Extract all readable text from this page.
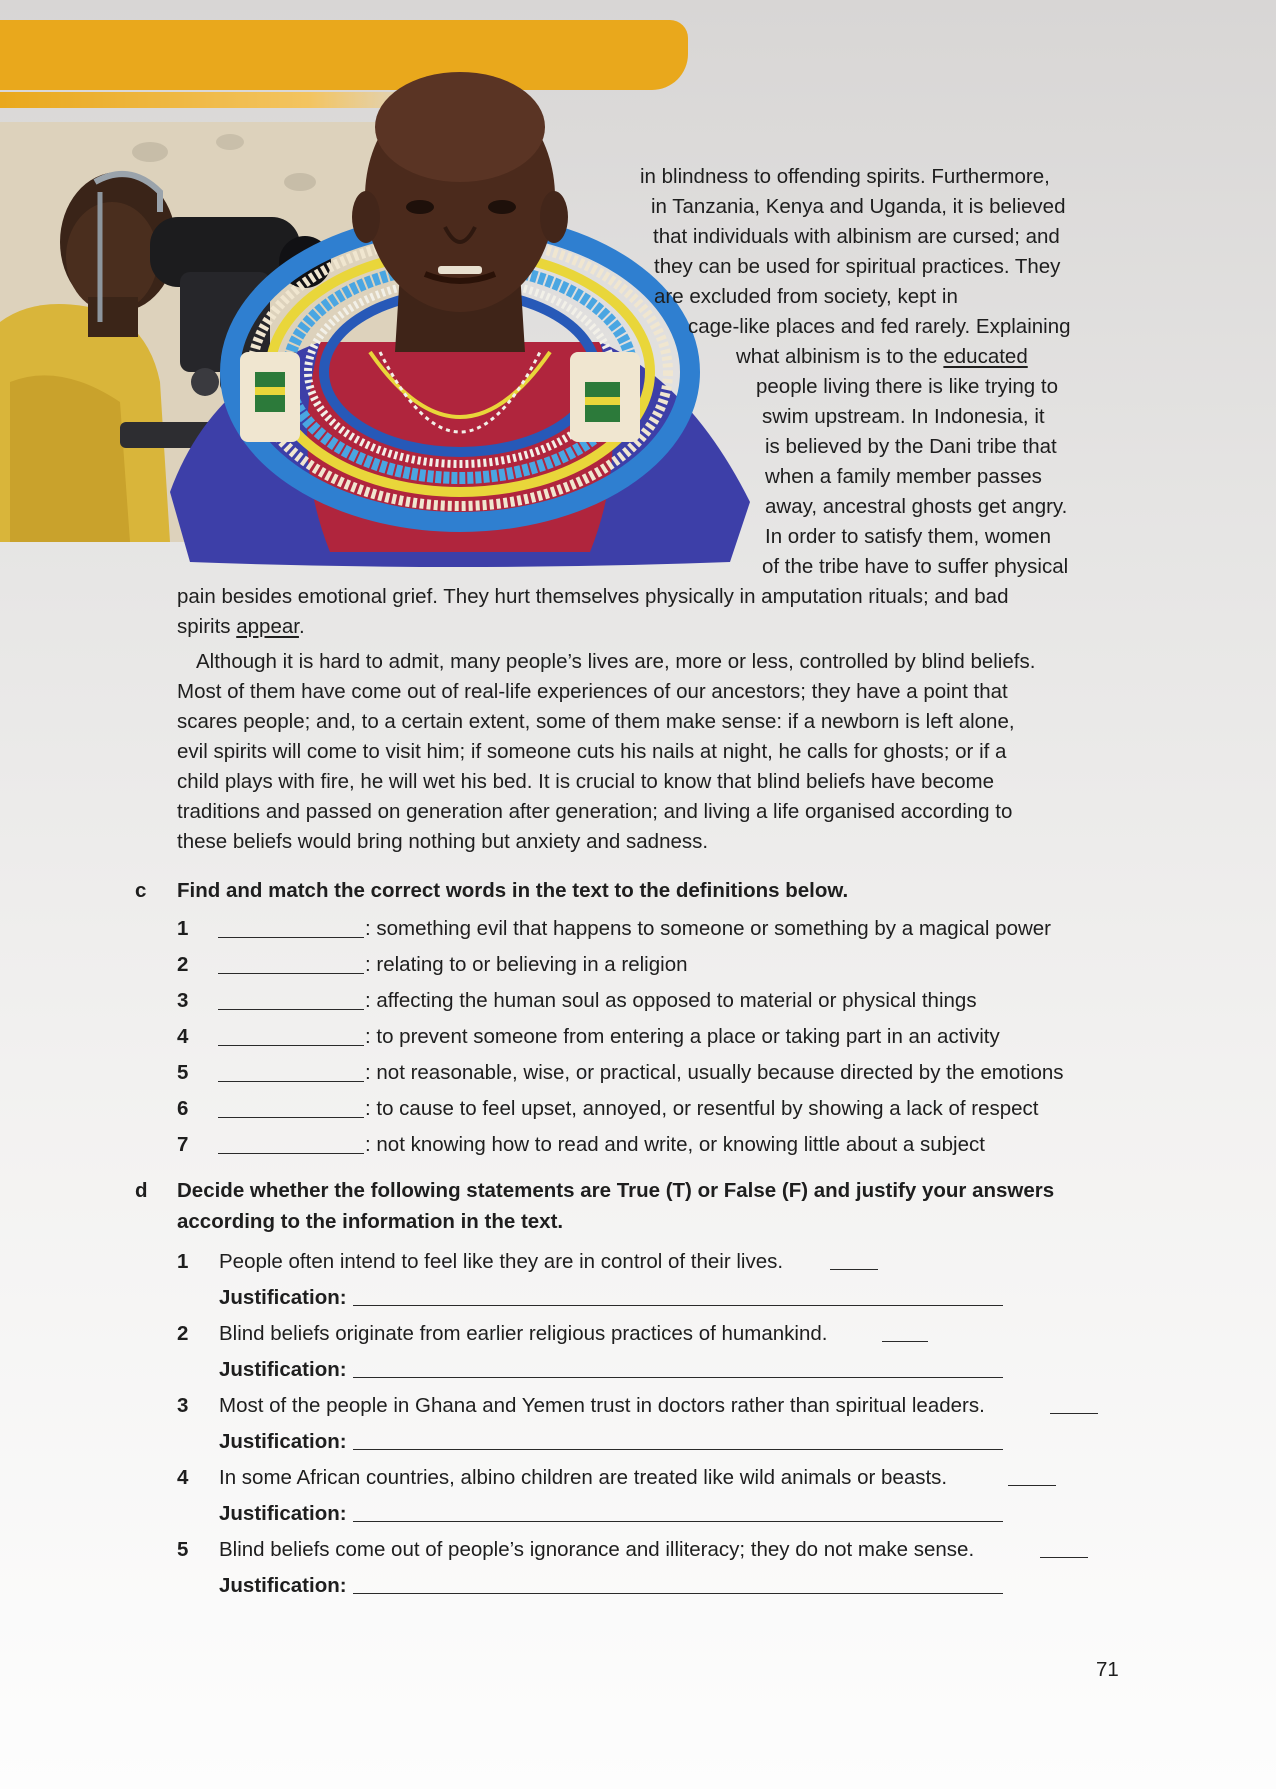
in blindness to offending spirits. Furthermore,
in Tanzania, Kenya and Uganda, it is believed
that individuals with albinism are cursed; and
they can be used for spiritual practices. They
are excluded from society, kept in
cage-like places and fed rarely. Explaining
what albinism is to the educated
people living there is like trying to
swim upstream. In Indonesia, it
is believed by the Dani tribe that
when a family member passes
away, ancestral ghosts get angry.
In order to satisfy them, women
of the tribe have to suffer physical
pain besides emotional grief. They hurt themselves physically in amputation rituals; and bad
spirits appear.
Although it is hard to admit, many people’s lives are, more or less, controlled by blind beliefs.
Most of them have come out of real-life experiences of our ancestors; they have a point that
scares people; and, to a certain extent, some of them make sense: if a newborn is left alone,
evil spirits will come to visit him; if someone cuts his nails at night, he calls for ghosts; or if a
child plays with fire, he will wet his bed. It is crucial to know that blind beliefs have become
traditions and passed on generation after generation; and living a life organised according to
these beliefs would bring nothing but anxiety and sadness.
c Find and match the correct words in the text to the definitions below.
1	: something evil that happens to someone or something by a magical power
2	: relating to or believing in a religion
3	: affecting the human soul as opposed to material or physical things
4	: to prevent someone from entering a place or taking part in an activity
5	: not reasonable, wise, or practical, usually because directed by the emotions
6	: to cause to feel upset, annoyed, or resentful by showing a lack of respect
7	: not knowing how to read and write, or knowing little about a subject
d Decide whether the following statements are True (T) or False (F) and justify your answers
according to the information in the text.
1 People often intend to feel like they are in control of their lives.
Justification:
2 Blind beliefs originate from earlier religious practices of humankind.
Justification:
3 Most of the people in Ghana and Yemen trust in doctors rather than spiritual leaders.
Justification:
4 In some African countries, albino children are treated like wild animals or beasts.
Justification:
5 Blind beliefs come out of people’s ignorance and illiteracy; they do not make sense.
Justification:
71
